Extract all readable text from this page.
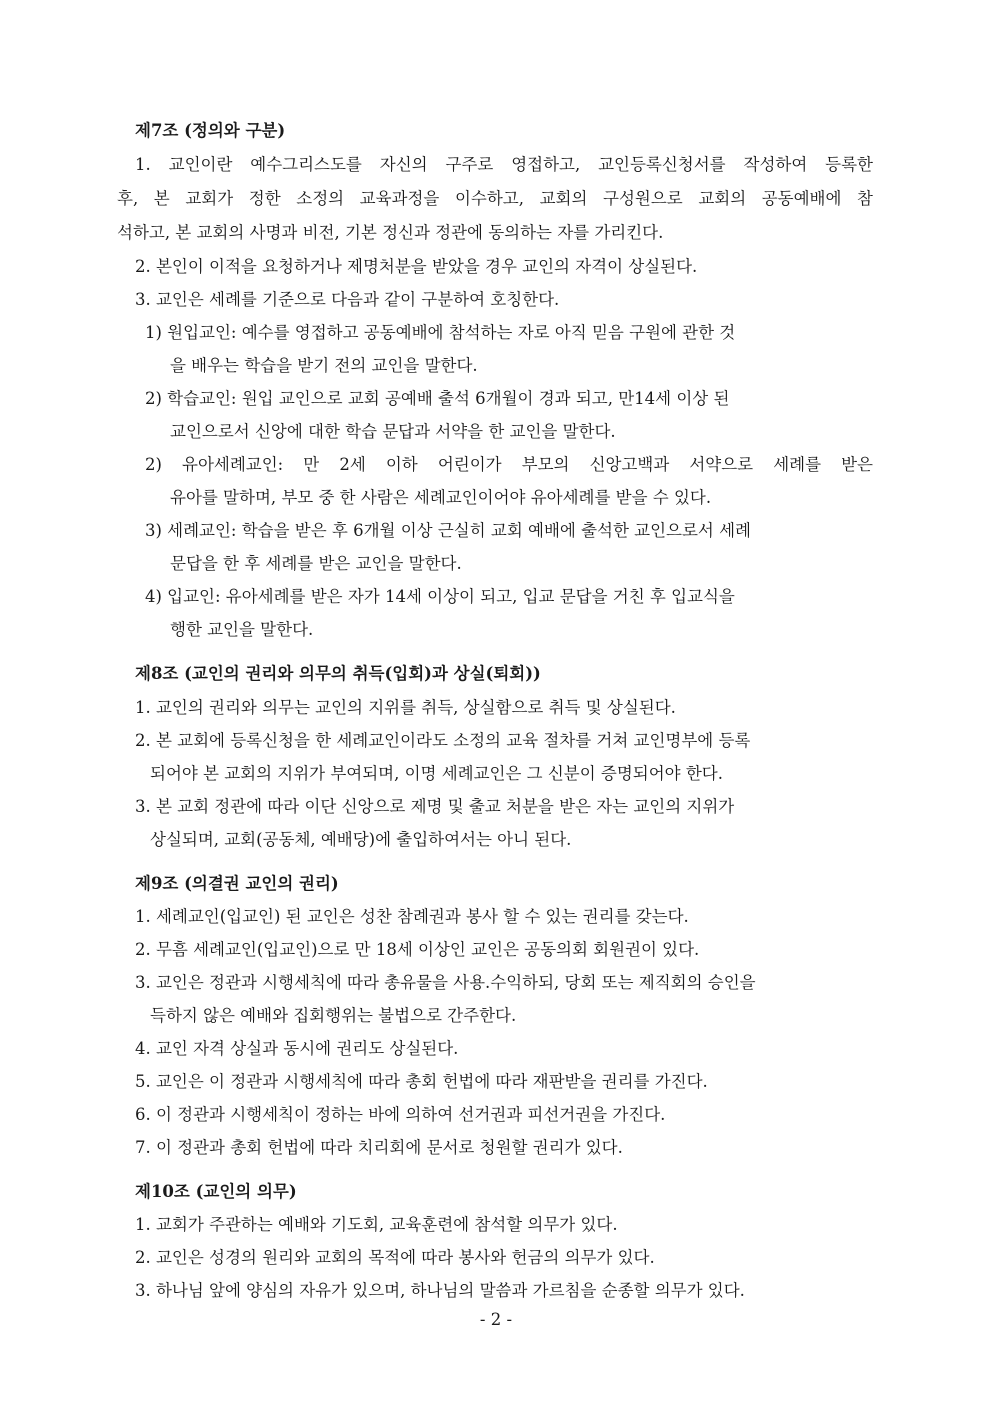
제7조 (정의와 구분)
1. 교인이란 예수그리스도를 자신의 구주로 영접하고, 교인등록신청서를 작성하여 등록한
후, 본 교회가 정한 소정의 교육과정을 이수하고, 교회의 구성원으로 교회의 공동예배에 참
석하고, 본 교회의 사명과 비전, 기본 정신과 정관에 동의하는 자를 가리킨다.
2. 본인이 이적을 요청하거나 제명처분을 받았을 경우 교인의 자격이 상실된다.
3. 교인은 세례를 기준으로 다음과 같이 구분하여 호칭한다.
1) 원입교인: 예수를 영접하고 공동예배에 참석하는 자로 아직 믿음 구원에 관한 것
을 배우는 학습을 받기 전의 교인을 말한다.
2) 학습교인: 원입 교인으로 교회 공예배 출석 6개월이 경과 되고, 만14세 이상 된
교인으로서 신앙에 대한 학습 문답과 서약을 한 교인을 말한다.
2) 유아세례교인: 만 2세 이하 어린이가 부모의 신앙고백과 서약으로 세례를 받은
유아를 말하며, 부모 중 한 사람은 세례교인이어야 유아세례를 받을 수 있다.
3) 세례교인: 학습을 받은 후 6개월 이상 근실히 교회 예배에 출석한 교인으로서 세례
문답을 한 후 세례를 받은 교인을 말한다.
4) 입교인: 유아세례를 받은 자가 14세 이상이 되고, 입교 문답을 거친 후 입교식을
행한 교인을 말한다.
제8조 (교인의 권리와 의무의 취득(입회)과 상실(퇴회))
1. 교인의 권리와 의무는 교인의 지위를 취득, 상실함으로 취득 및 상실된다.
2. 본 교회에 등록신청을 한 세례교인이라도 소정의 교육 절차를 거쳐 교인명부에 등록
되어야 본 교회의 지위가 부여되며, 이명 세례교인은 그 신분이 증명되어야 한다.
3. 본 교회 정관에 따라 이단 신앙으로 제명 및 출교 처분을 받은 자는 교인의 지위가
상실되며, 교회(공동체, 예배당)에 출입하여서는 아니 된다.
제9조 (의결권 교인의 권리)
1. 세례교인(입교인) 된 교인은 성찬 참례권과 봉사 할 수 있는 권리를 갖는다.
2. 무흠 세례교인(입교인)으로 만 18세 이상인 교인은 공동의회 회원권이 있다.
3. 교인은 정관과 시행세칙에 따라 총유물을 사용.수익하되, 당회 또는 제직회의 승인을
득하지 않은 예배와 집회행위는 불법으로 간주한다.
4. 교인 자격 상실과 동시에 권리도 상실된다.
5. 교인은 이 정관과 시행세칙에 따라 총회 헌법에 따라 재판받을 권리를 가진다.
6. 이 정관과 시행세칙이 정하는 바에 의하여 선거권과 피선거권을 가진다.
7. 이 정관과 총회 헌법에 따라 치리회에 문서로 청원할 권리가 있다.
제10조 (교인의 의무)
1. 교회가 주관하는 예배와 기도회, 교육훈련에 참석할 의무가 있다.
2. 교인은 성경의 원리와 교회의 목적에 따라 봉사와 헌금의 의무가 있다.
3. 하나님 앞에 양심의 자유가 있으며, 하나님의 말씀과 가르침을 순종할 의무가 있다.
- 2 -
